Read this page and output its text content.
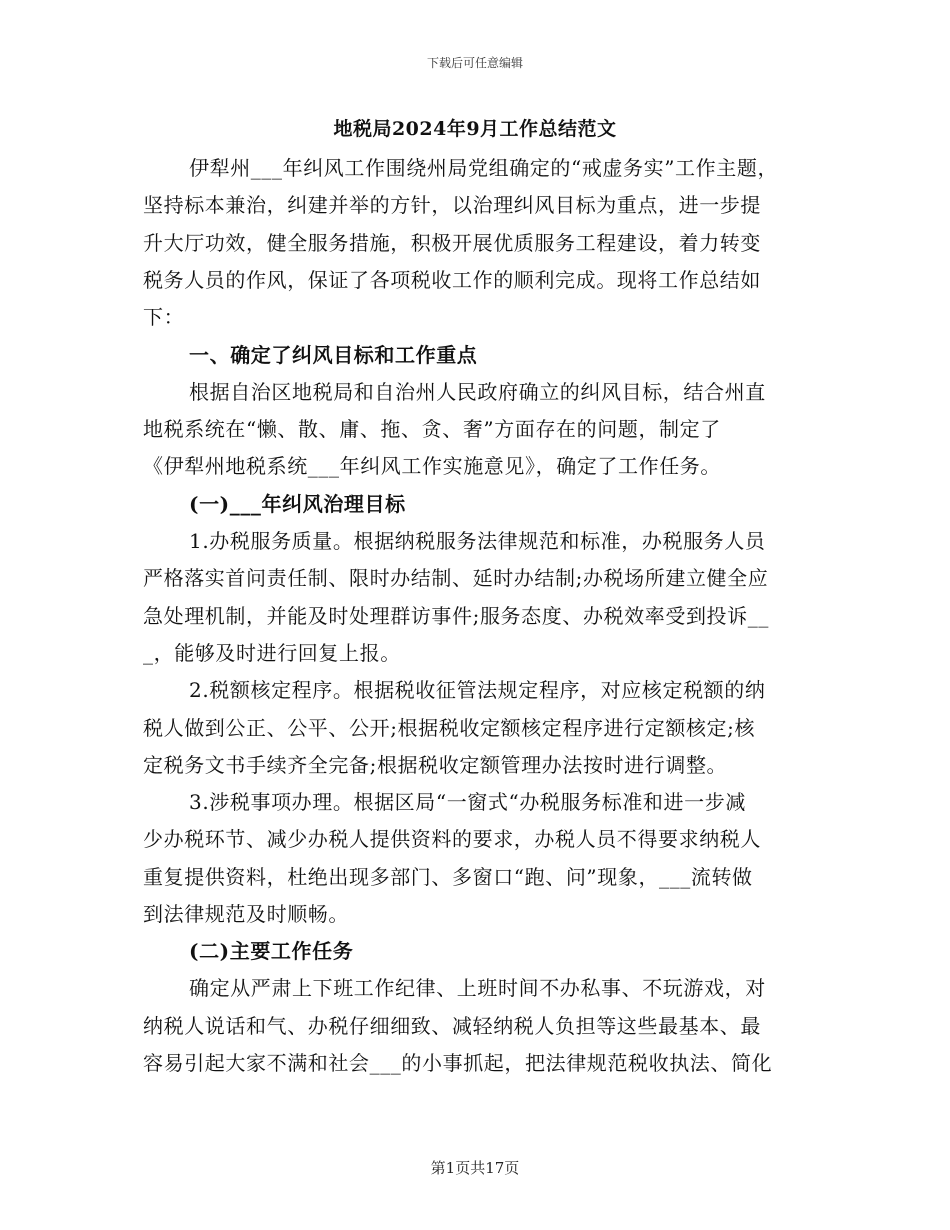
下载后可任意编辑
地税局2024年9月工作总结范文
伊犁州___年纠风工作围绕州局党组确定的“戒虚务实”工作主题，
坚持标本兼治，纠建并举的方针，以治理纠风目标为重点，进一步提
升大厅功效，健全服务措施，积极开展优质服务工程建设，着力转变
税务人员的作风，保证了各项税收工作的顺利完成。现将工作总结如
下：
一、确定了纠风目标和工作重点
根据自治区地税局和自治州人民政府确立的纠风目标，结合州直
地税系统在“懒、散、庸、拖、贪、奢”方面存在的问题，制定了
《伊犁州地税系统___年纠风工作实施意见》，确定了工作任务。
(一)___年纠风治理目标
1.办税服务质量。根据纳税服务法律规范和标准，办税服务人员
严格落实首问责任制、限时办结制、延时办结制;办税场所建立健全应
急处理机制，并能及时处理群访事件;服务态度、办税效率受到投诉__
_，能够及时进行回复上报。
2.税额核定程序。根据税收征管法规定程序，对应核定税额的纳
税人做到公正、公平、公开;根据税收定额核定程序进行定额核定;核
定税务文书手续齐全完备;根据税收定额管理办法按时进行调整。
3.涉税事项办理。根据区局“一窗式“办税服务标准和进一步减
少办税环节、减少办税人提供资料的要求，办税人员不得要求纳税人
重复提供资料，杜绝出现多部门、多窗口“跑、问”现象，___流转做
到法律规范及时顺畅。
(二)主要工作任务
确定从严肃上下班工作纪律、上班时间不办私事、不玩游戏，对
纳税人说话和气、办税仔细细致、减轻纳税人负担等这些最基本、最
容易引起大家不满和社会___的小事抓起，把法律规范税收执法、简化
第1页共17页
